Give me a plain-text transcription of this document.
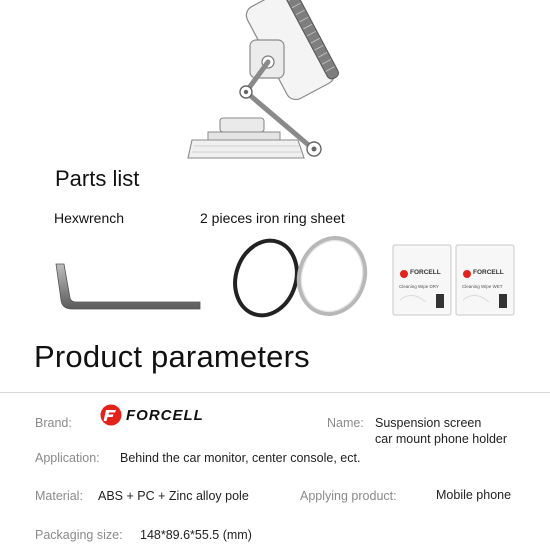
Parts list
Hexwrench	2 pieces iron ring sheet
FORCELL	FORCELL
Cleaning Wipe DRY	Cleaning Wipe WET
Product parameters
Brand:	FORCELL	Name: Suspension screen
car mount phone holder
Application: Behind the car monitor, center console, ect.
Material: ABS + PC + Zinc alloy pole	Applying product:	Mobile phone
Packaging size: 148*89.6*55.5 (mm)
